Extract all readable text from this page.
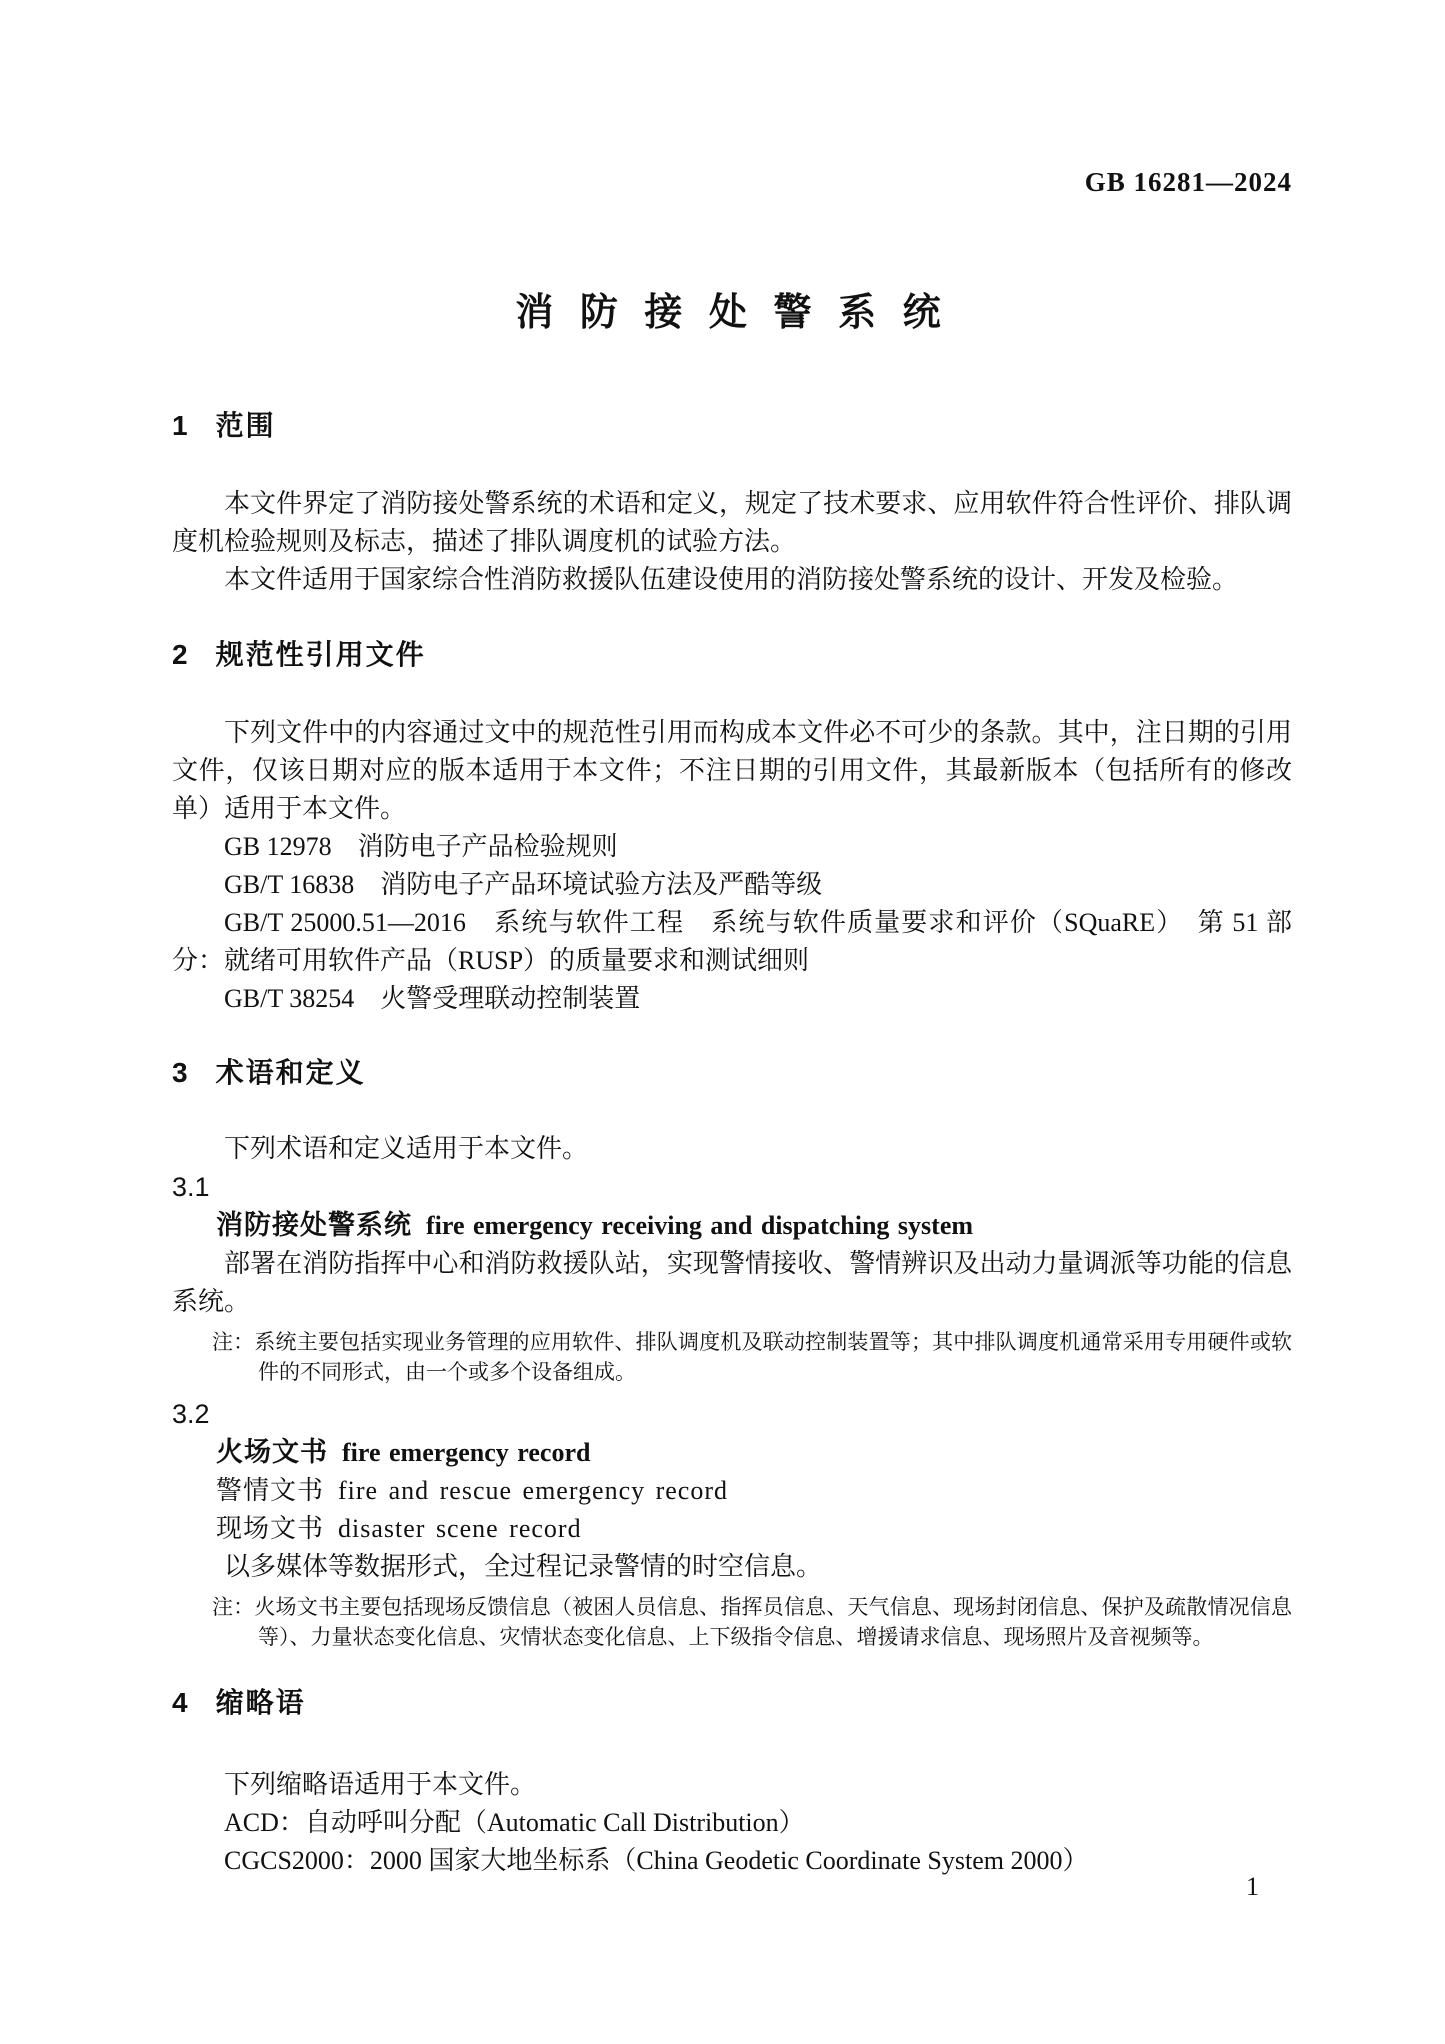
GB 16281—2024
消 防 接 处 警 系 统
1 范围

本文件界定了消防接处警系统的术语和定义，规定了技术要求、应用软件符合性评价、排队调度机检验规则及标志，描述了排队调度机的试验方法。

本文件适用于国家综合性消防救援队伍建设使用的消防接处警系统的设计、开发及检验。

2 规范性引用文件

下列文件中的内容通过文中的规范性引用而构成本文件必不可少的条款。其中，注日期的引用文件，仅该日期对应的版本适用于本文件；不注日期的引用文件，其最新版本（包括所有的修改单）适用于本文件。

GB 12978　消防电子产品检验规则

GB/T 16838　消防电子产品环境试验方法及严酷等级

GB/T 25000.51—2016　系统与软件工程　系统与软件质量要求和评价（SQuaRE）　第 51 部分：就绪可用软件产品（RUSP）的质量要求和测试细则

GB/T 38254　火警受理联动控制装置

3 术语和定义

下列术语和定义适用于本文件。

3.1

消防接处警系统 fire emergency receiving and dispatching system

部署在消防指挥中心和消防救援队站，实现警情接收、警情辨识及出动力量调派等功能的信息系统。

注：系统主要包括实现业务管理的应用软件、排队调度机及联动控制装置等；其中排队调度机通常采用专用硬件或软件的不同形式，由一个或多个设备组成。

3.2

火场文书 fire emergency record

警情文书 fire and rescue emergency record

现场文书 disaster scene record

以多媒体等数据形式，全过程记录警情的时空信息。

注：火场文书主要包括现场反馈信息（被困人员信息、指挥员信息、天气信息、现场封闭信息、保护及疏散情况信息等）、力量状态变化信息、灾情状态变化信息、上下级指令信息、增援请求信息、现场照片及音视频等。

4 缩略语

下列缩略语适用于本文件。

ACD：自动呼叫分配（Automatic Call Distribution）

CGCS2000：2000 国家大地坐标系（China Geodetic Coordinate System 2000）

1
